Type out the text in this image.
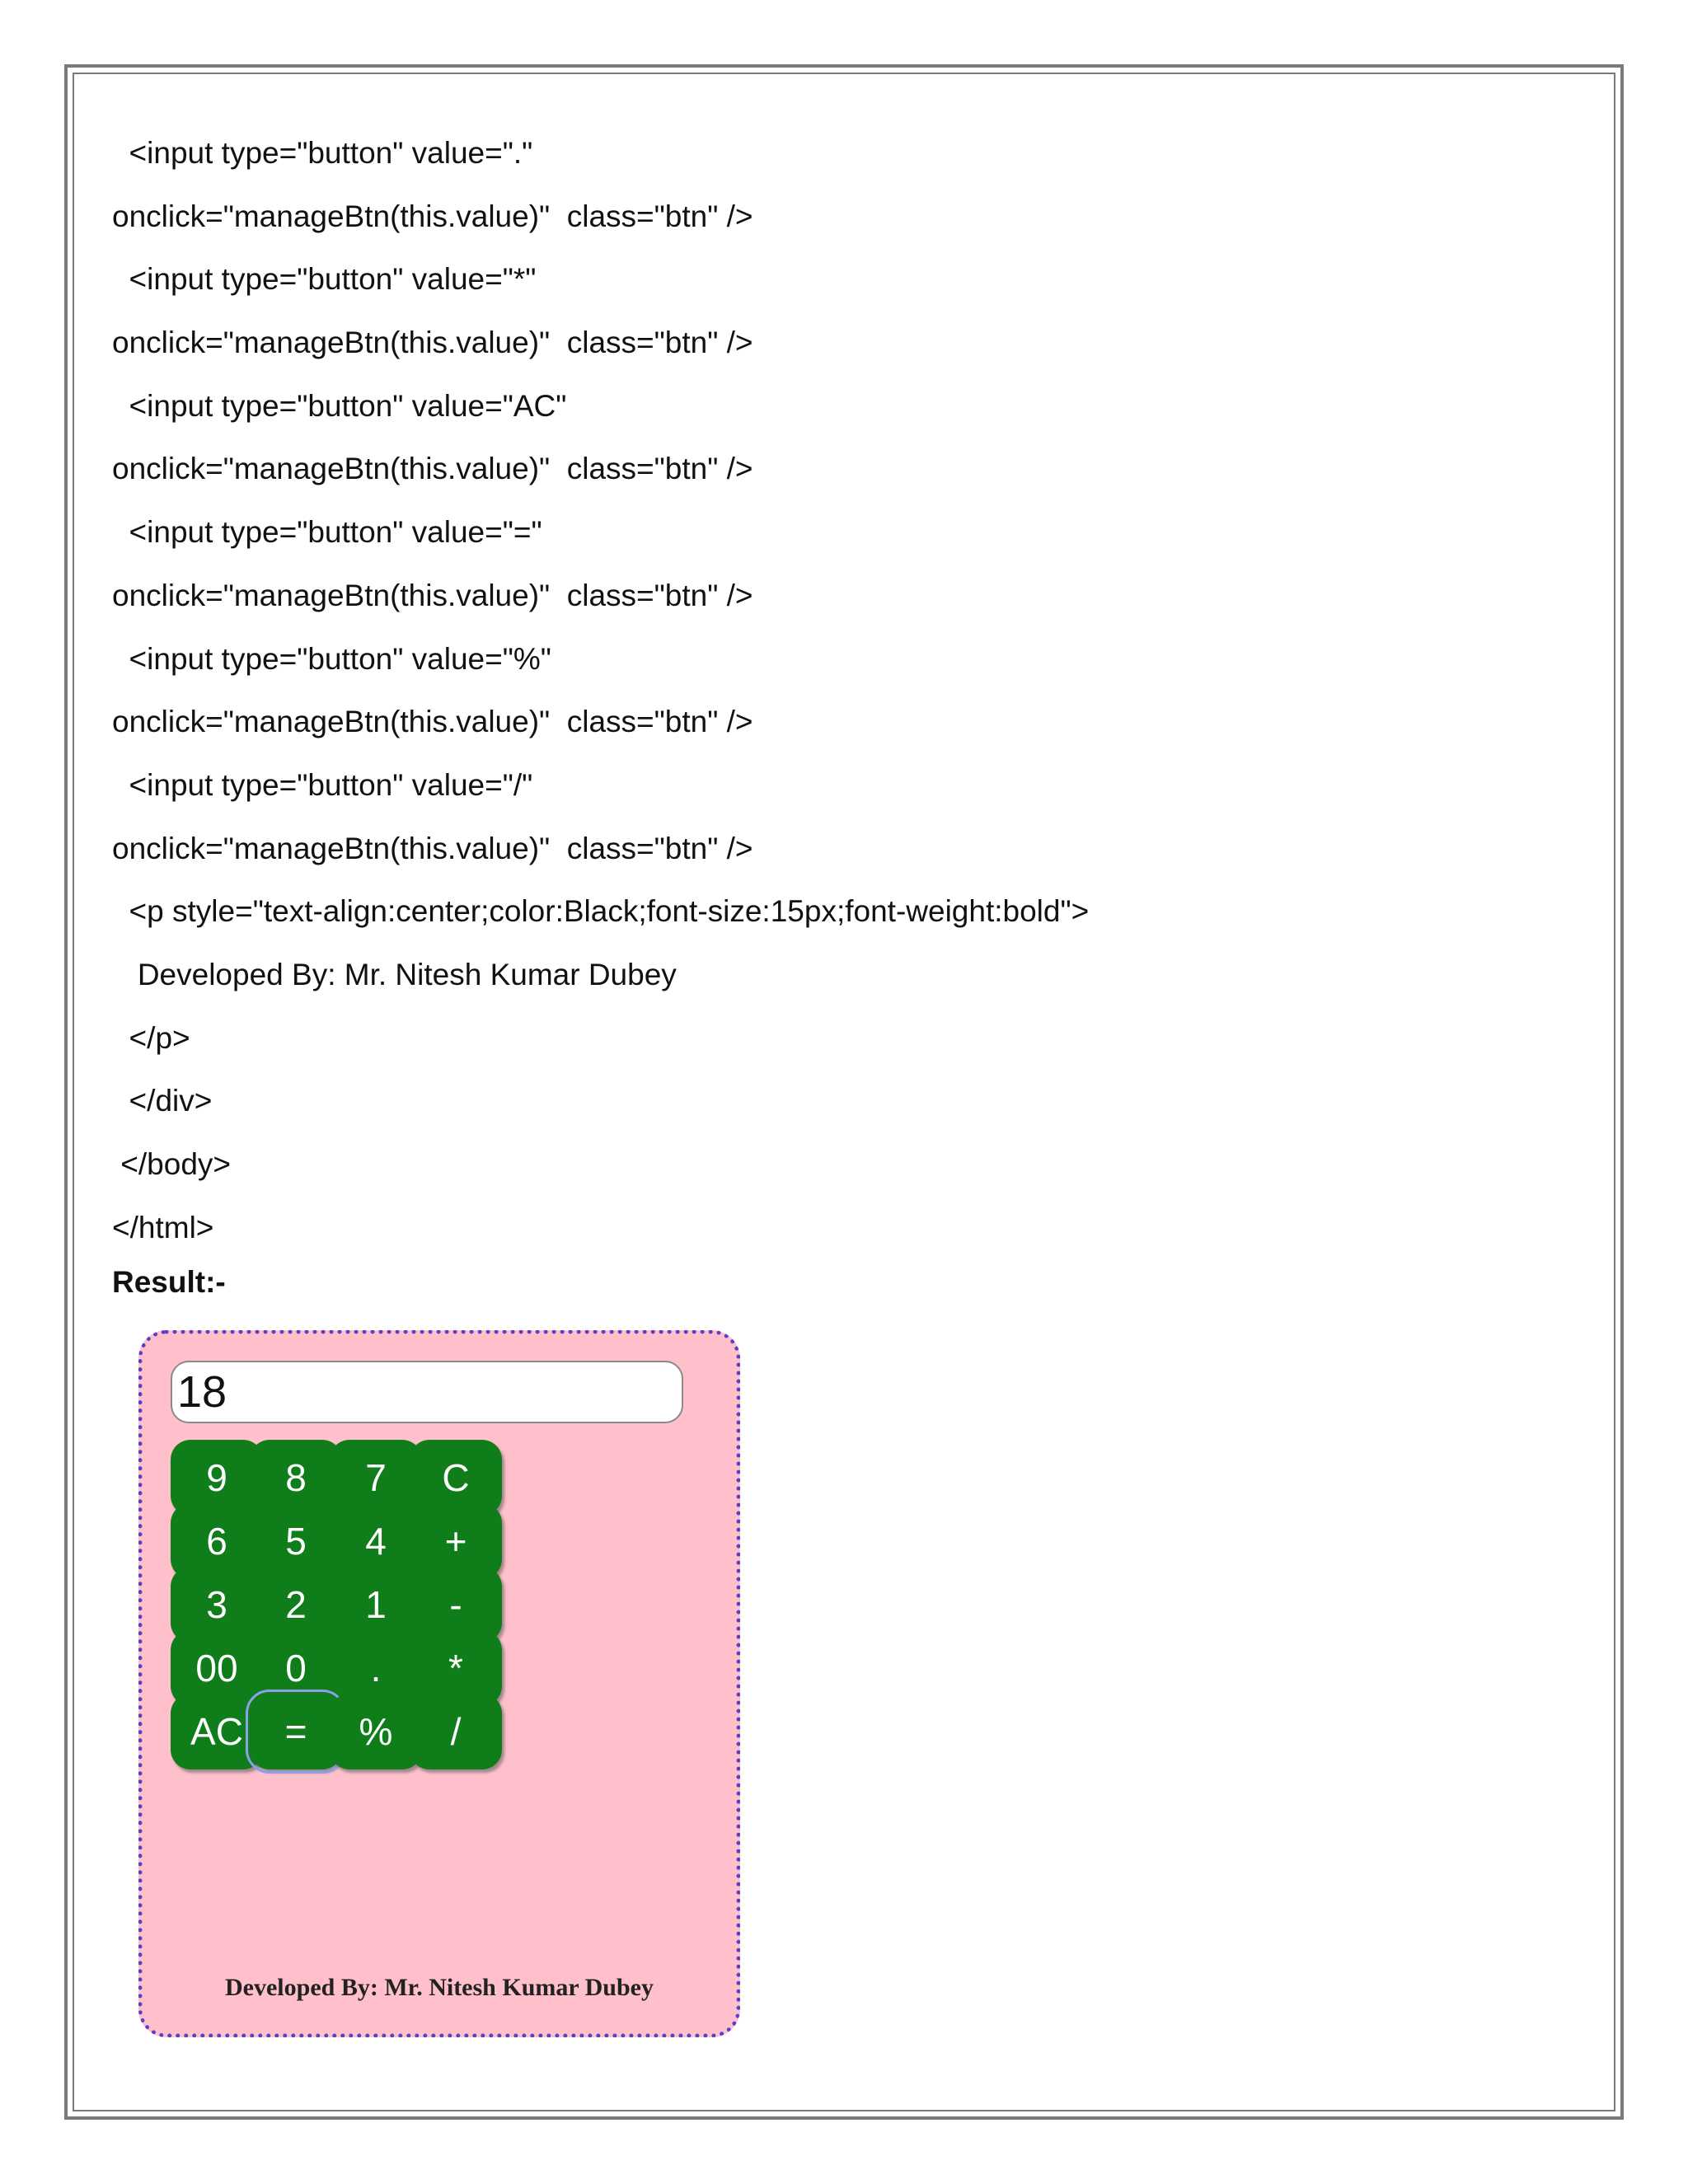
<input type="button" value="."
onclick="manageBtn(this.value)"  class="btn" />
<input type="button" value="*"
onclick="manageBtn(this.value)"  class="btn" />
<input type="button" value="AC"
onclick="manageBtn(this.value)"  class="btn" />
<input type="button" value="="
onclick="manageBtn(this.value)"  class="btn" />
<input type="button" value="%"
onclick="manageBtn(this.value)"  class="btn" />
<input type="button" value="/"
onclick="manageBtn(this.value)"  class="btn" />
<p style="text-align:center;color:Black;font-size:15px;font-weight:bold">
Developed By: Mr. Nitesh Kumar Dubey
</p>
</div>
</body>
</html>
Result:-
18
9	8	7	C
6	5	4	+
3	2	1	-
00	0	.	*
AC	=	%	/
Developed By: Mr. Nitesh Kumar Dubey
